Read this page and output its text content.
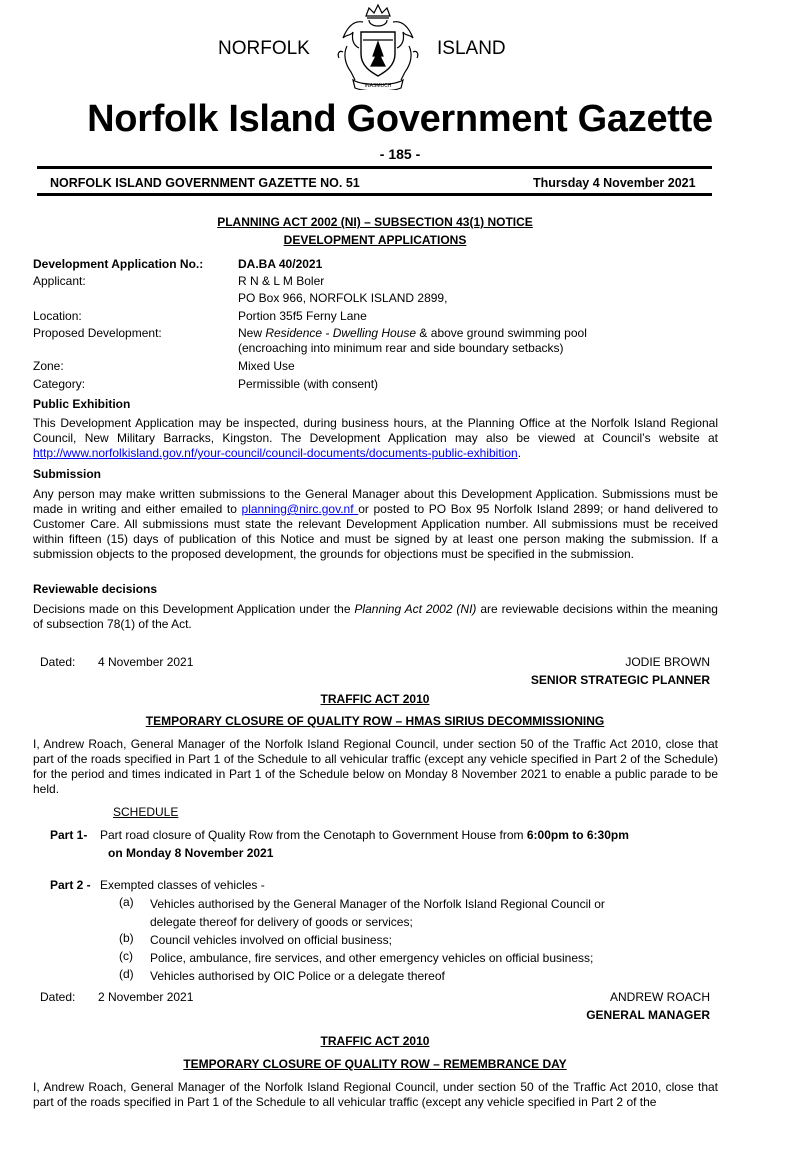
NORFOLK	ISLAND
INASMUCH
Norfolk Island Government Gazette
- 185 -
NORFOLK ISLAND GOVERNMENT GAZETTE NO. 51	Thursday 4 November 2021
PLANNING ACT 2002 (NI) – SUBSECTION 43(1) NOTICE
DEVELOPMENT APPLICATIONS
Development Application No.:	DA.BA 40/2021
Applicant:	R N & L M Boler
PO Box 966, NORFOLK ISLAND 2899,
Location:	Portion 35f5 Ferny Lane
Proposed Development:	New Residence - Dwelling House & above ground swimming pool
(encroaching into minimum rear and side boundary setbacks)
Zone:	Mixed Use
Category:	Permissible (with consent)
Public Exhibition
This Development Application may be inspected, during business hours, at the Planning Office at the Norfolk Island Regional Council, New Military Barracks, Kingston. The Development Application may also be viewed at Council’s website at http://www.norfolkisland.gov.nf/your-council/council-documents/documents-public-exhibition.
Submission
Any person may make written submissions to the General Manager about this Development Application. Submissions must be made in writing and either emailed to planning@nirc.gov.nf or posted to PO Box 95 Norfolk Island 2899; or hand delivered to Customer Care. All submissions must state the relevant Development Application number. All submissions must be received within fifteen (15) days of publication of this Notice and must be signed by at least one person making the submission. If a submission objects to the proposed development, the grounds for objections must be specified in the submission.
Reviewable decisions
Decisions made on this Development Application under the Planning Act 2002 (NI) are reviewable decisions within the meaning of subsection 78(1) of the Act.
Dated: 4 November 2021	JODIE BROWN
SENIOR STRATEGIC PLANNER
TRAFFIC ACT 2010
TEMPORARY CLOSURE OF QUALITY ROW – HMAS SIRIUS DECOMMISSIONING
I, Andrew Roach, General Manager of the Norfolk Island Regional Council, under section 50 of the Traffic Act 2010, close that part of the roads specified in Part 1 of the Schedule to all vehicular traffic (except any vehicle specified in Part 2 of the Schedule) for the period and times indicated in Part 1 of the Schedule below on Monday 8 November 2021 to enable a public parade to be held.
SCHEDULE
Part 1- Part road closure of Quality Row from the Cenotaph to Government House from 6:00pm to 6:30pm
on Monday 8 November 2021
Part 2 - Exempted classes of vehicles -
(a) Vehicles authorised by the General Manager of the Norfolk Island Regional Council or
delegate thereof for delivery of goods or services;
(b) Council vehicles involved on official business;
(c) Police, ambulance, fire services, and other emergency vehicles on official business;
(d) Vehicles authorised by OIC Police or a delegate thereof
Dated: 2 November 2021	ANDREW ROACH
GENERAL MANAGER
TRAFFIC ACT 2010
TEMPORARY CLOSURE OF QUALITY ROW – REMEMBRANCE DAY
I, Andrew Roach, General Manager of the Norfolk Island Regional Council, under section 50 of the Traffic Act 2010, close that part of the roads specified in Part 1 of the Schedule to all vehicular traffic (except any vehicle specified in Part 2 of the
